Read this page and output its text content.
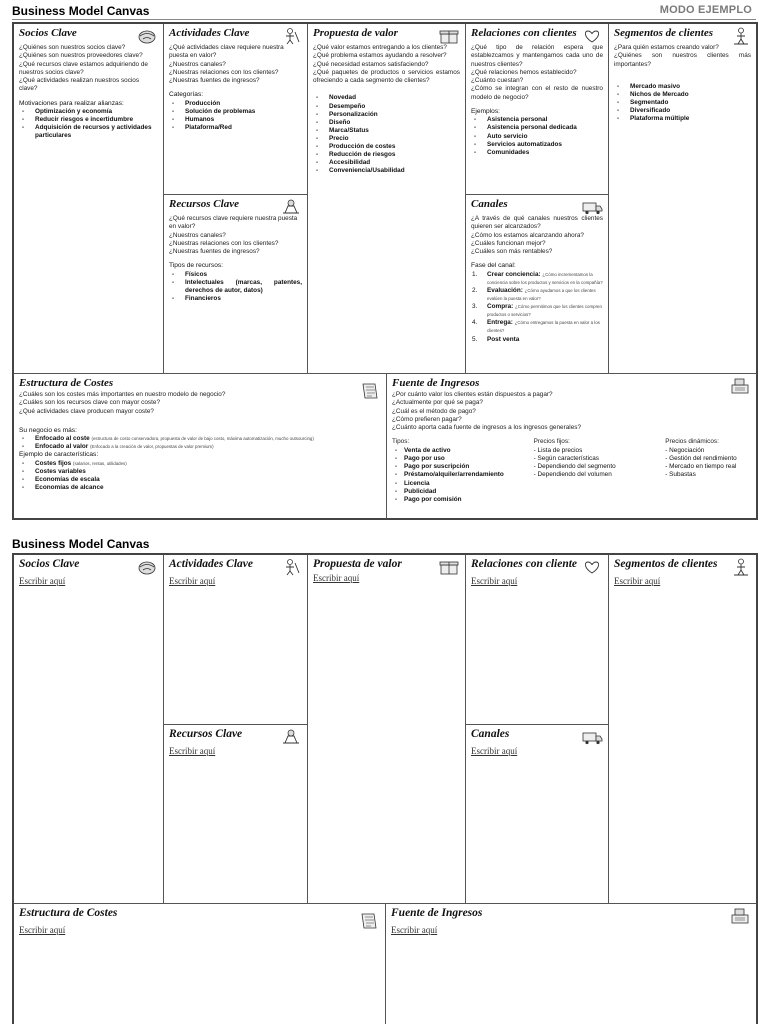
Business Model Canvas	MODO EJEMPLO
Socios Clave
¿Quiénes son nuestros socios clave?
¿Quiénes son nuestros proveedores clave?
¿Qué recursos clave estamos adquiriendo de nuestros socios clave?
¿Qué actividades realizan nuestros socios clave?
Motivaciones para realizar alianzas:
- Optimización y economía
- Reducir riesgos e incertidumbre
- Adquisición de recursos y actividades particulares
Actividades Clave
¿Qué actividades clave requiere nuestra puesta en valor?
¿Nuestros canales?
¿Nuestras relaciones con los clientes?
¿Nuestras fuentes de ingresos?
Categorías:
- Producción
- Solución de problemas
- Humanos
- Plataforma/Red
Recursos Clave
¿Qué recursos clave requiere nuestra puesta en valor?
¿Nuestros canales?
¿Nuestras relaciones con los clientes?
¿Nuestras fuentes de ingresos?
Tipos de recursos:
- Físicos
- Intelectuales (marcas, patentes, derechos de autor, datos)
- Financieros
Propuesta de valor
¿Qué valor estamos entregando a los clientes?
¿Qué problema estamos ayudando a resolver?
¿Qué necesidad estamos satisfaciendo?
¿Qué paquetes de productos o servicios estamos ofreciendo a cada segmento de clientes?
- Novedad
- Desempeño
- Personalización
- Diseño
- Marca/Status
- Precio
- Producción de costes
- Reducción de riesgos
- Accesibilidad
- Conveniencia/Usabilidad
Relaciones con clientes
¿Qué tipo de relación espera que establezcamos y mantengamos cada uno de nuestros clientes?
¿Qué relaciones hemos establecido?
¿Cuánto cuestan?
¿Cómo se integran con el resto de nuestro modelo de negocio?
Ejemplos:
- Asistencia personal
- Asistencia personal dedicada
- Auto servicio
- Servicios automatizados
- Comunidades
Canales
¿A través de qué canales nuestros clientes quieren ser alcanzados?
¿Cómo los estamos alcanzando ahora?
¿Cuáles funcionan mejor?
¿Cuáles son más rentables?
Fase del canal:
1. Crear conciencia: ¿Cómo incrementamos la conciencia sobre los productos y servicios en la compañía?
2. Evaluación: ¿Cómo ayudamos a que los clientes evalúen la puesta en valor?
3. Compra: ¿Cómo permitimos que los clientes compren productos o servicios?
4. Entrega: ¿Cómo entregamos la puesta en valor a los clientes?
5. Post venta
Segmentos de clientes
¿Para quién estamos creando valor?
¿Quiénes son nuestros clientes más importantes?
- Mercado masivo
- Nichos de Mercado
- Segmentado
- Diversificado
- Plataforma múltiple
Estructura de Costes
¿Cuáles son los costes más importantes en nuestro modelo de negocio?
¿Cuáles son los recursos clave con mayor coste?
¿Qué actividades clave producen mayor coste?
Su negocio es más:
- Enfocado al coste (estructura de costo conservadora, propuesta de valor de bajo costo, máxima automatización, mucho outsourcing)
- Enfocado al valor (Enfocado a la creación de valor, propuestas de valor premium)
Ejemplo de características:
- Costes fijos (salarios, rentas, utilidades)
- Costes variables
- Economías de escala
- Economías de alcance
Fuente de Ingresos
¿Por cuánto valor los clientes están dispuestos a pagar?
¿Actualmente por qué se paga?
¿Cuál es el método de pago?
¿Cómo prefieren pagar?
¿Cuánto aporta cada fuente de ingresos a los ingresos generales?
Tipos:
- Venta de activo
- Pago por uso
- Pago por suscripción
- Préstamo/alquiler/arrendamiento
- Licencia
- Publicidad
- Pago por comisión
Precios fijos:
- Lista de precios
- Según características
- Dependiendo del segmento
- Dependiendo del volumen
Precios dinámicos:
- Negociación
- Gestión del rendimiento
- Mercado en tiempo real
- Subastas
Business Model Canvas
Socios Clave
Escribir aquí
Actividades Clave
Escribir aquí
Recursos Clave
Escribir aquí
Propuesta de valor
Escribir aquí
Relaciones con cliente
Escribir aquí
Canales
Escribir aquí
Segmentos de clientes
Escribir aquí
Estructura de Costes
Escribir aquí
Fuente de Ingresos
Escribir aquí
